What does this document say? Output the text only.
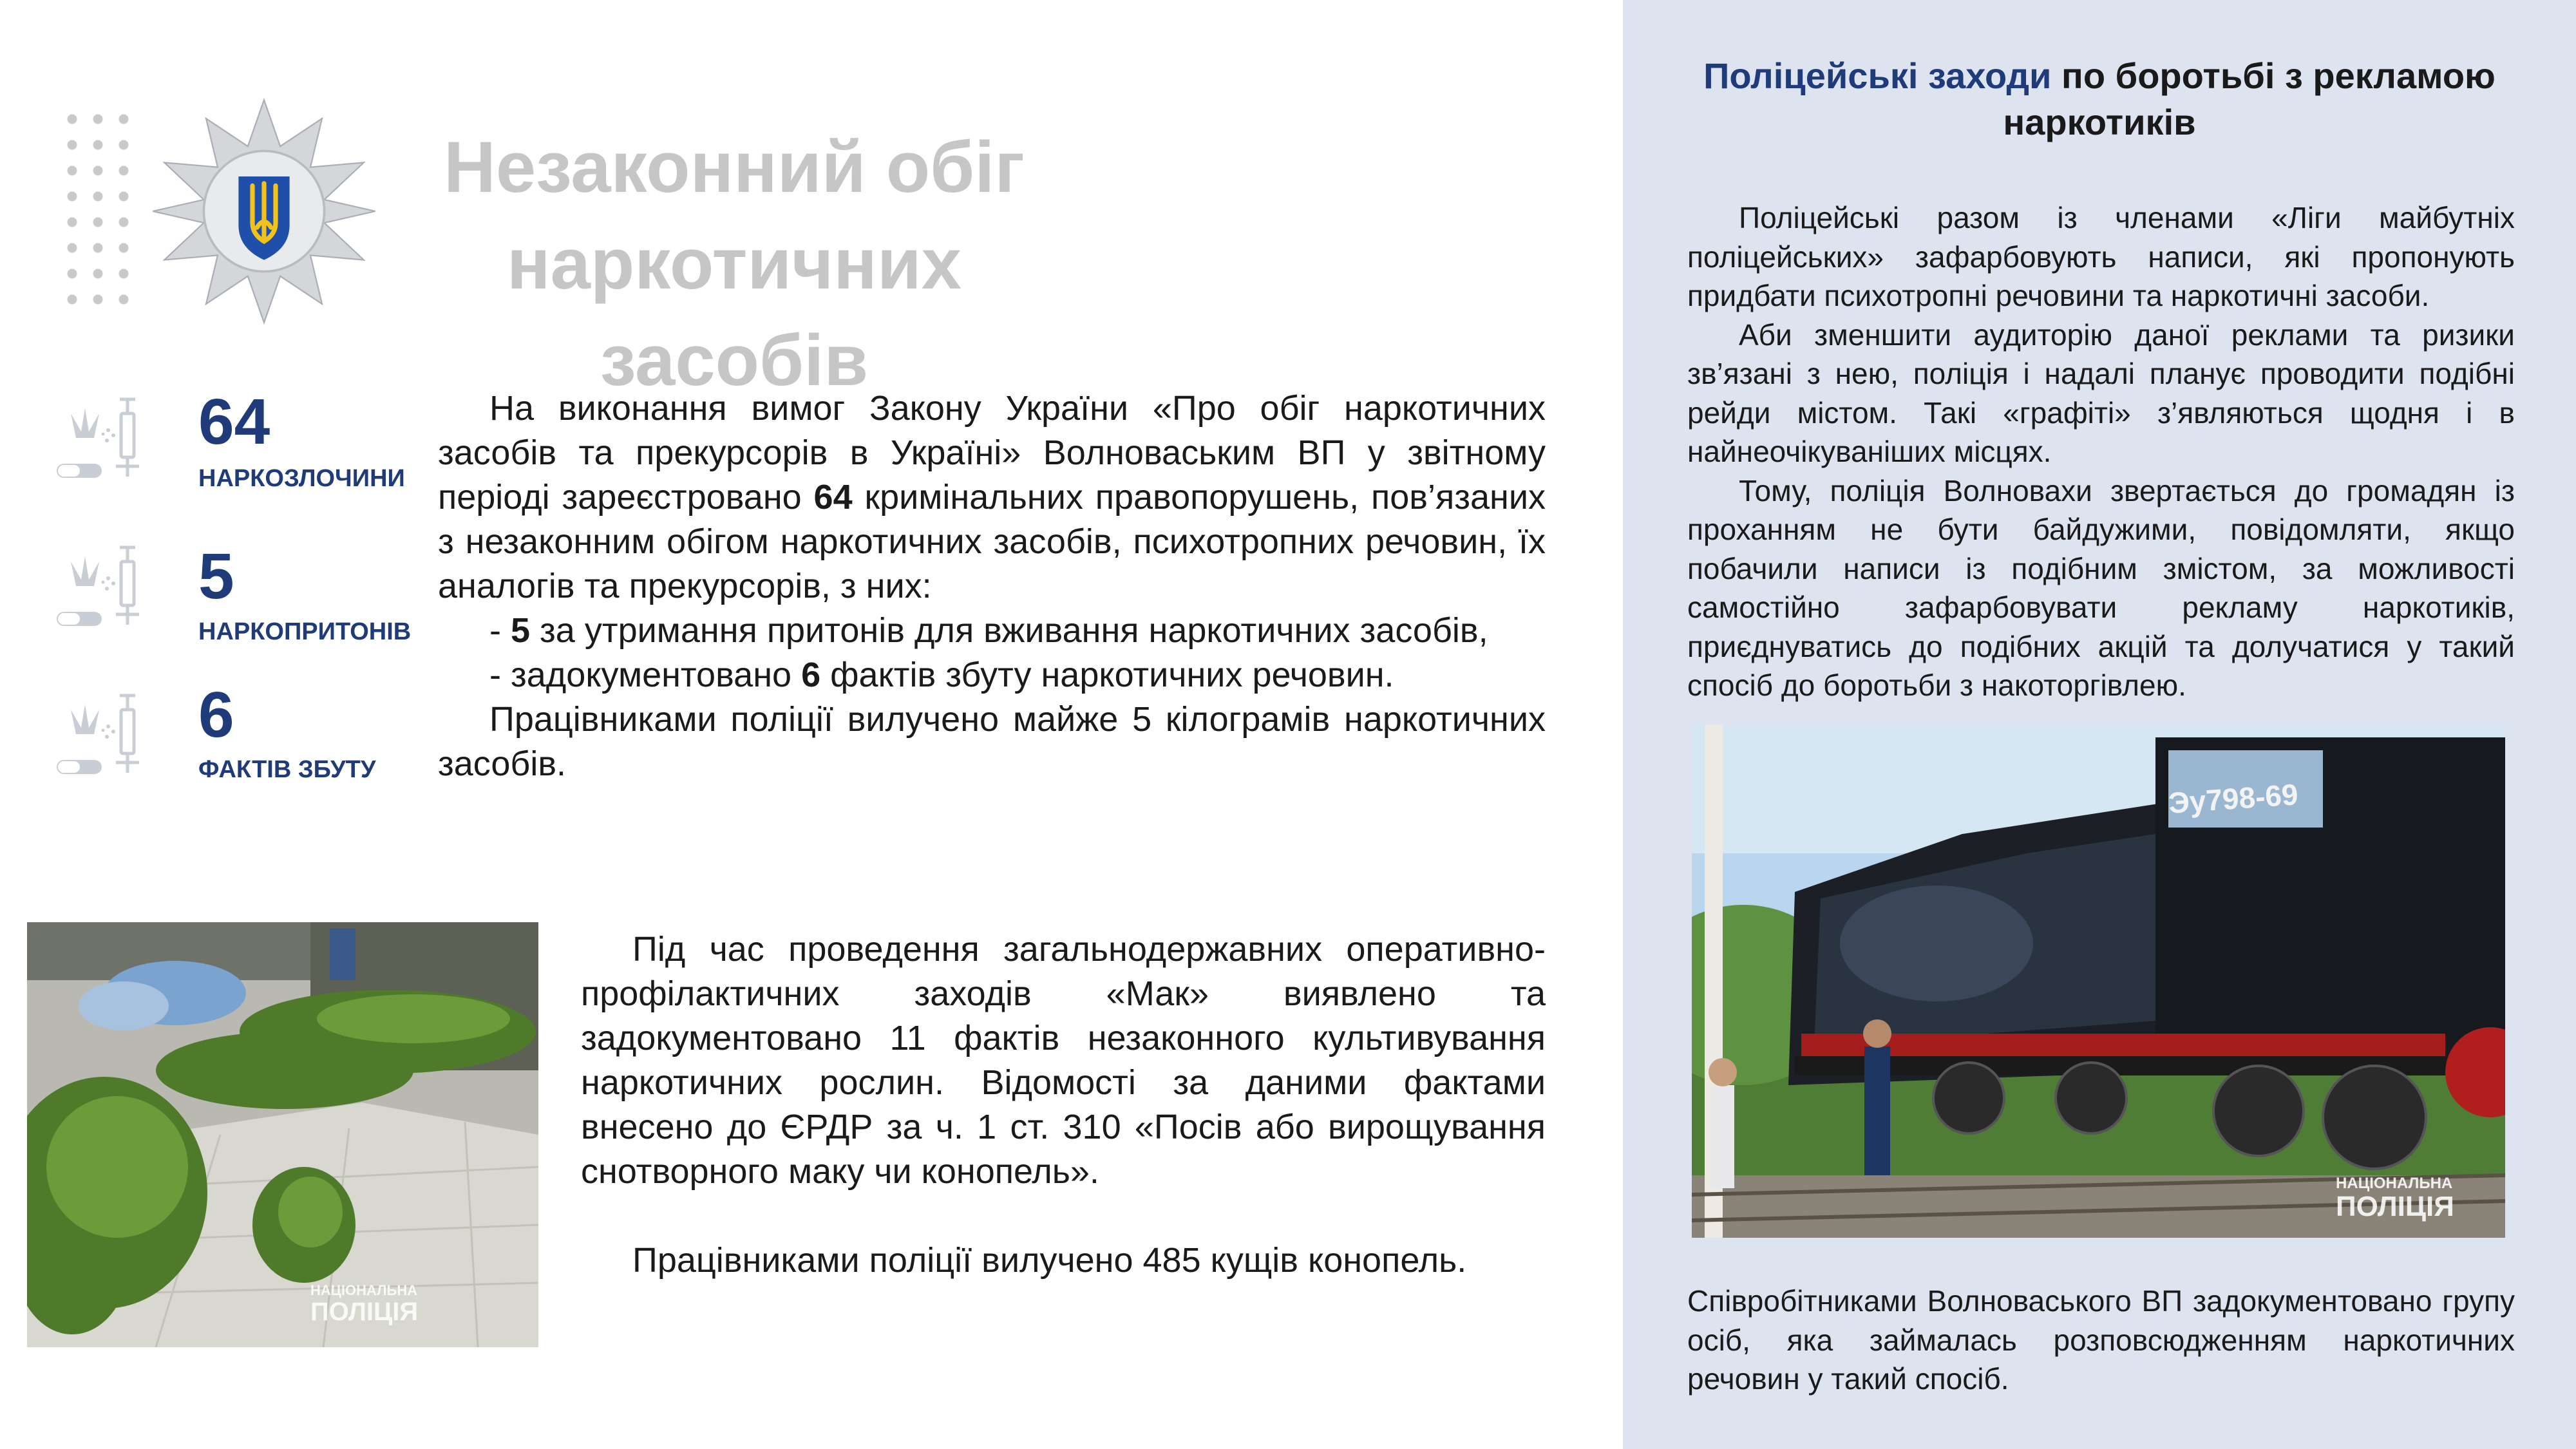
Незаконний обіг
наркотичних засобів
64
НАРКОЗЛОЧИНИ
5
НАРКОПРИТОНІВ
6
ФАКТІВ ЗБУТУ

На виконання вимог Закону України «Про обіг наркотичних засобів та прекурсорів в Україні» Волноваським ВП у звітному періоді зареєстровано 64 кримінальних правопорушень, пов’язаних з незаконним обігом наркотичних засобів, психотропних речовин, їх аналогів та прекурсорів, з них:

- 5 за утримання притонів для вживання наркотичних засобів,

- задокументовано 6 фактів збуту наркотичних речовин.

Працівниками поліції вилучено майже 5 кілограмів наркотичних засобів.

НАЦІОНАЛЬНА
ПОЛІЦІЯ

Під час проведення загальнодержавних оперативно-профілактичних заходів «Мак» виявлено та задокументовано 11 фактів незаконного культивування наркотичних рослин. Відомості за даними фактами внесено до ЄРДР за ч. 1 ст. 310 «Посів або вирощування снотворного маку чи конопель».

Працівниками поліції вилучено 485 кущів конопель.

Поліцейські заходи по боротьбі з рекламою наркотиків

Поліцейські разом із членами «Ліги майбутніх поліцейських» зафарбовують написи, які пропонують придбати психотропні речовини та наркотичні засоби.

Аби зменшити аудиторію даної реклами та ризики зв’язані з нею, поліція і надалі планує проводити подібні рейди містом. Такі «графіті» з’являються щодня і в найнеочікуваніших місцях.

Тому, поліція Волновахи звертається до громадян із проханням не бути байдужими, повідомляти, якщо побачили написи із подібним змістом, за можливості самостійно зафарбовувати рекламу наркотиків, приєднуватись до подібних акцій та долучатися у такий спосіб до боротьби з накоторгівлею.

Эу798-69
НАЦІОНАЛЬНА
ПОЛІЦІЯ
Співробітниками Волноваського ВП задокументовано групу осіб, яка займалась розповсюдженням наркотичних речовин у такий спосіб.
